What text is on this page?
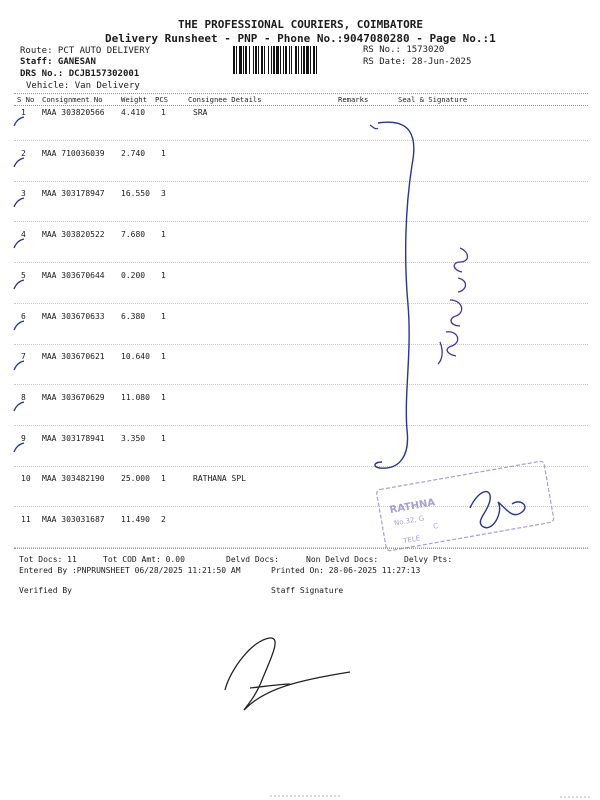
THE PROFESSIONAL COURIERS, COIMBATORE
Delivery Runsheet - PNP - Phone No.:9047080280 - Page No.:1
Route: PCT AUTO DELIVERY
Staff: GANESAN
DRS No.: DCJB157302001
Vehicle: Van Delivery
RS No.: 1573020
RS Date: 28-Jun-2025
S No Consignment No	Weight PCS	Consignee Details	Remarks	Seal & Signature
1 MAA 303820566 4.410 1	SRA
2 MAA 710036039 2.740 1
3 MAA 303178947 16.550 3
4 MAA 303820522 7.680 1
5 MAA 303670644 0.200 1
6 MAA 303670633 6.380 1
7 MAA 303670621 10.640 1
8 MAA 303670629 11.080 1
9 MAA 303178941 3.350 1
10 MAA 303482190 25.000 1	RATHANA SPL
11 MAA 303031687 11.490 2
Tot Docs: 11	Tot COD Amt: 0.00	Delvd Docs:	Non Delvd Docs:	Delvy Pts:
Entered By :PNPRUNSHEET 06/28/2025 11:21:50 AM	Printed On: 28-06-2025 11:27:13
Verified By	Staff Signature
RATHNA
No.32, G C
TELE
